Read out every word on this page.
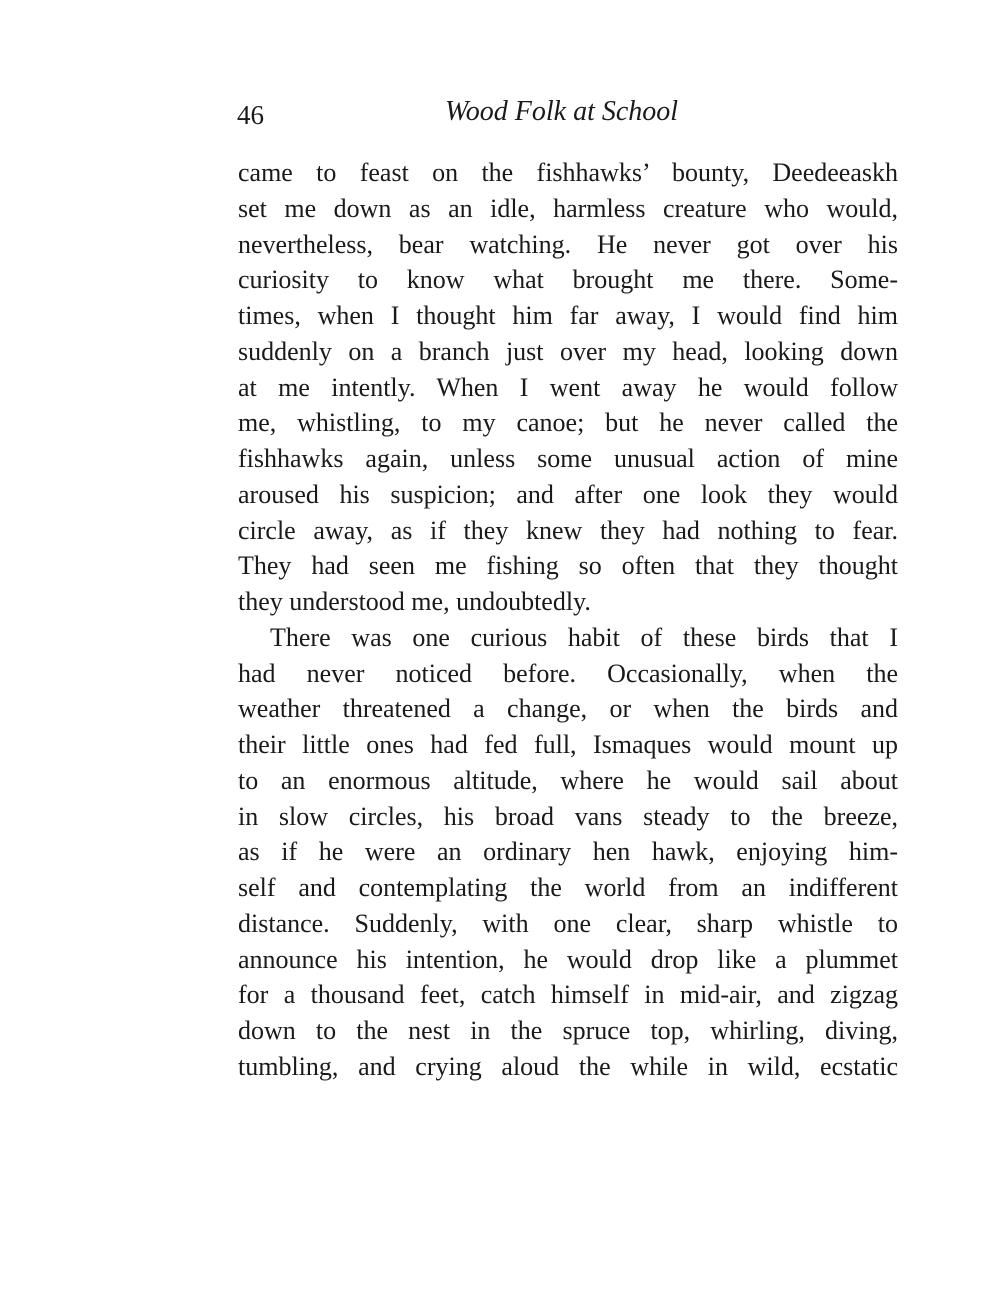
46	Wood Folk at School
came to feast on the fishhawks’ bounty, Deedeeaskh
set me down as an idle, harmless creature who would,
nevertheless, bear watching. He never got over his
curiosity to know what brought me there. Some-
times, when I thought him far away, I would find him
suddenly on a branch just over my head, looking down
at me intently. When I went away he would follow
me, whistling, to my canoe; but he never called the
fishhawks again, unless some unusual action of mine
aroused his suspicion; and after one look they would
circle away, as if they knew they had nothing to fear.
They had seen me fishing so often that they thought
they understood me, undoubtedly.
There was one curious habit of these birds that I
had never noticed before. Occasionally, when the
weather threatened a change, or when the birds and
their little ones had fed full, Ismaques would mount up
to an enormous altitude, where he would sail about
in slow circles, his broad vans steady to the breeze,
as if he were an ordinary hen hawk, enjoying him-
self and contemplating the world from an indifferent
distance. Suddenly, with one clear, sharp whistle to
announce his intention, he would drop like a plummet
for a thousand feet, catch himself in mid-air, and zigzag
down to the nest in the spruce top, whirling, diving,
tumbling, and crying aloud the while in wild, ecstatic
